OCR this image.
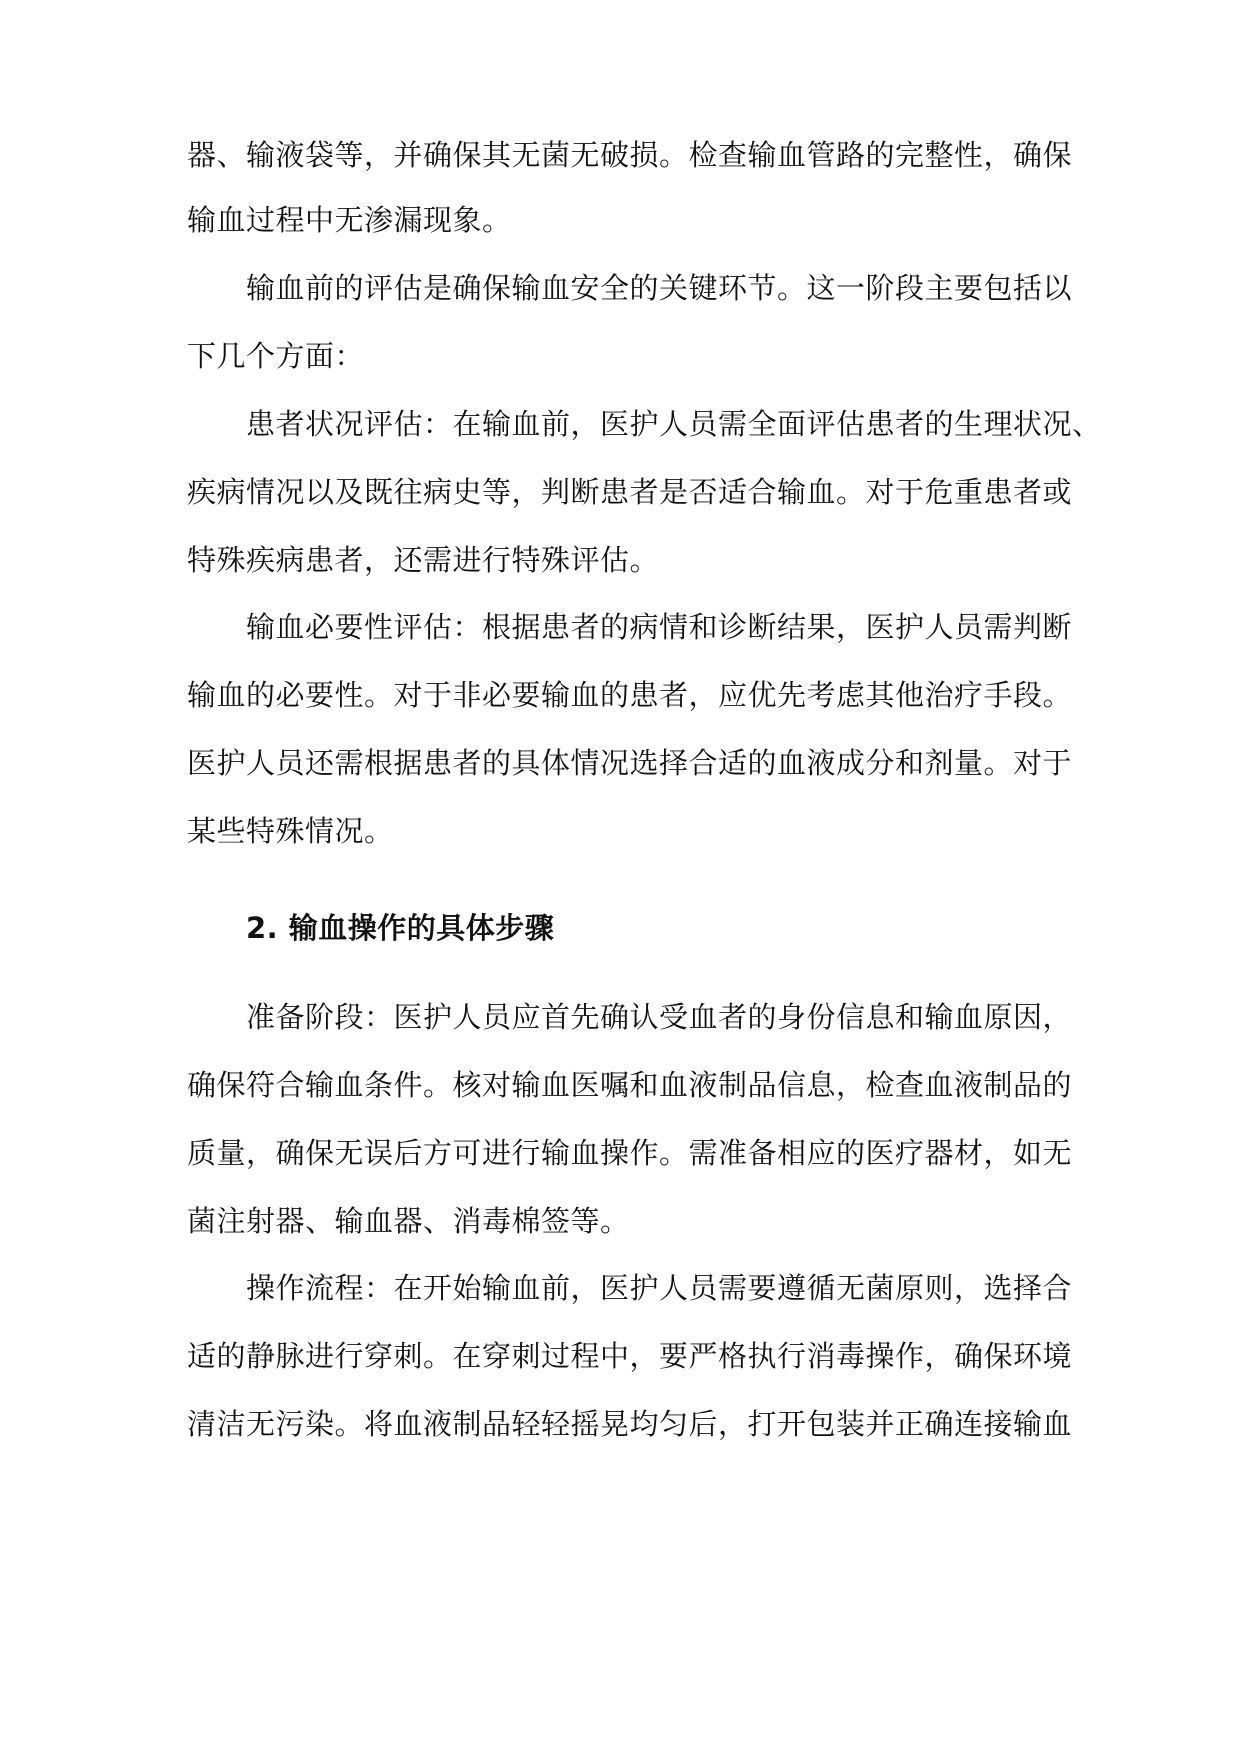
器、输液袋等，并确保其无菌无破损。检查输血管路的完整性，确保
输血过程中无渗漏现象。
输血前的评估是确保输血安全的关键环节。这一阶段主要包括以
下几个方面：
患者状况评估：在输血前，医护人员需全面评估患者的生理状况、
疾病情况以及既往病史等，判断患者是否适合输血。对于危重患者或
特殊疾病患者，还需进行特殊评估。
输血必要性评估：根据患者的病情和诊断结果，医护人员需判断
输血的必要性。对于非必要输血的患者，应优先考虑其他治疗手段。
医护人员还需根据患者的具体情况选择合适的血液成分和剂量。对于
某些特殊情况。
2. 输血操作的具体步骤
准备阶段：医护人员应首先确认受血者的身份信息和输血原因，
确保符合输血条件。核对输血医嘱和血液制品信息，检查血液制品的
质量，确保无误后方可进行输血操作。需准备相应的医疗器材，如无
菌注射器、输血器、消毒棉签等。
操作流程：在开始输血前，医护人员需要遵循无菌原则，选择合
适的静脉进行穿刺。在穿刺过程中，要严格执行消毒操作，确保环境
清洁无污染。将血液制品轻轻摇晃均匀后，打开包装并正确连接输血
